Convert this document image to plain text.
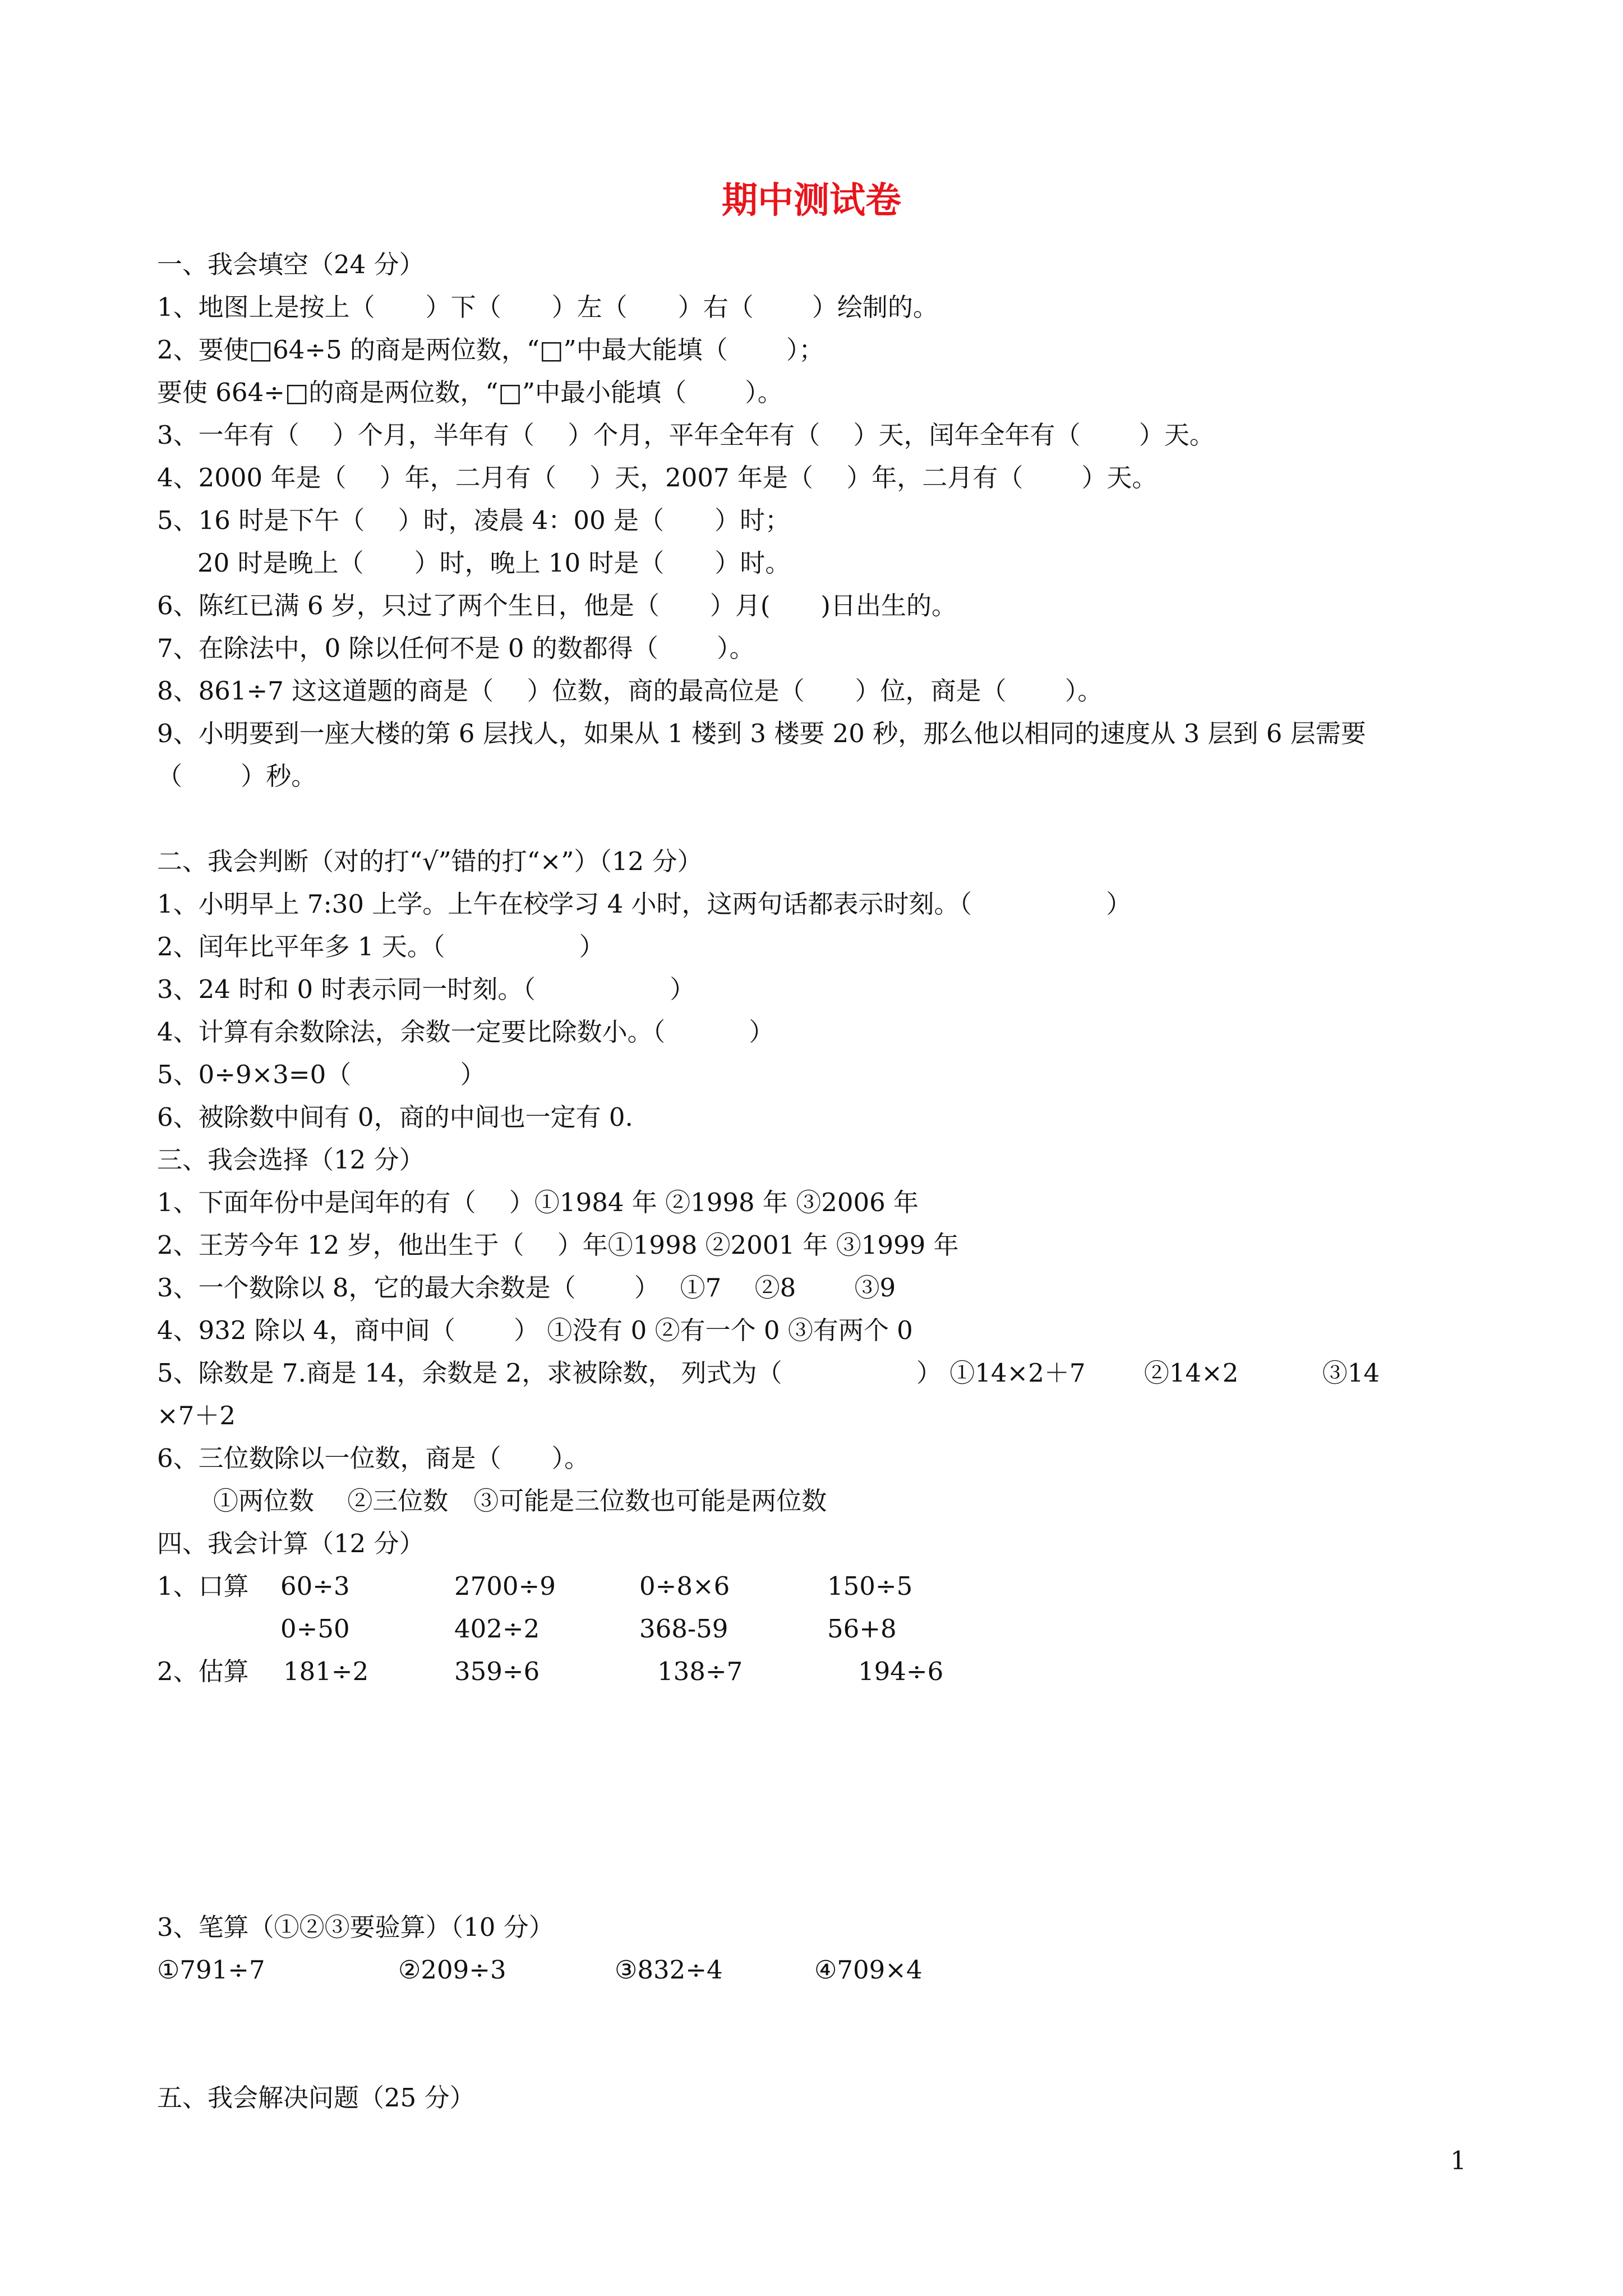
期中测试卷
一、我会填空（24 分）
1、地图上是按上（　　）下（　　）左（　　）右（　　 ）绘制的。
2、要使□64÷5 的商是两位数，“□”中最大能填（　　 ）；
要使 664÷□的商是两位数，“□”中最小能填（　　 ）。
3、一年有（　 ）个月，半年有（　 ）个月，平年全年有（　 ）天，闰年全年有（　　 ）天。
4、2000 年是（　 ）年，二月有（　 ）天，2007 年是（　 ）年，二月有（　　 ）天。
5、16 时是下午（　 ）时，凌晨 4：00 是（　　）时；
20 时是晚上（　　）时，晚上 10 时是（　　）时。
6、陈红已满 6 岁，只过了两个生日，他是（　　）月(　　)日出生的。
7、在除法中，0 除以任何不是 0 的数都得（　　 ）。
8、861÷7 这这道题的商是（　 ）位数，商的最高位是（　　）位，商是（　　 ）。
9、小明要到一座大楼的第 6 层找人，如果从 1 楼到 3 楼要 20 秒，那么他以相同的速度从 3 层到 6 层需要
（　　 ）秒。
二、我会判断（对的打“√”错的打“×”）（12 分）
1、小明早上 7:30 上学。上午在校学习 4 小时，这两句话都表示时刻。（　　　　　 ）
2、闰年比平年多 1 天。（　　　　　 ）
3、24 时和 0 时表示同一时刻。（　　　　　 ）
4、计算有余数除法，余数一定要比除数小。（　　　 ）
5、0÷9×3=0（　　　　 ）
6、被除数中间有 0，商的中间也一定有 0.
三、我会选择（12 分）
1、下面年份中是闰年的有（　 ）①1984 年 ②1998 年 ③2006 年
2、王芳今年 12 岁，他出生于（　 ）年①1998 ②2001 年 ③1999 年
3、一个数除以 8，它的最大余数是（　　 ）　 ①7　 ②8　　 ③9
4、932 除以 4，商中间（　　 ） ①没有 0 ②有一个 0 ③有两个 0
5、除数是 7.商是 14，余数是 2，求被除数， 列式为（　　　　　 ） ①14×2＋7　　 ②14×2　　　 ③14
×7＋2
6、三位数除以一位数，商是（　　）。
①两位数　 ②三位数　③可能是三位数也可能是两位数
四、我会计算（12 分）
1、口算 60÷3	2700÷9	0÷8×6	150÷5
0÷50	402÷2	368-59	56+8
2、估算 181÷2	359÷6	138÷7	194÷6
3、笔算（①②③要验算）（10 分）
①791÷7	②209÷3	③832÷4	④709×4
五、我会解决问题（25 分）
1
